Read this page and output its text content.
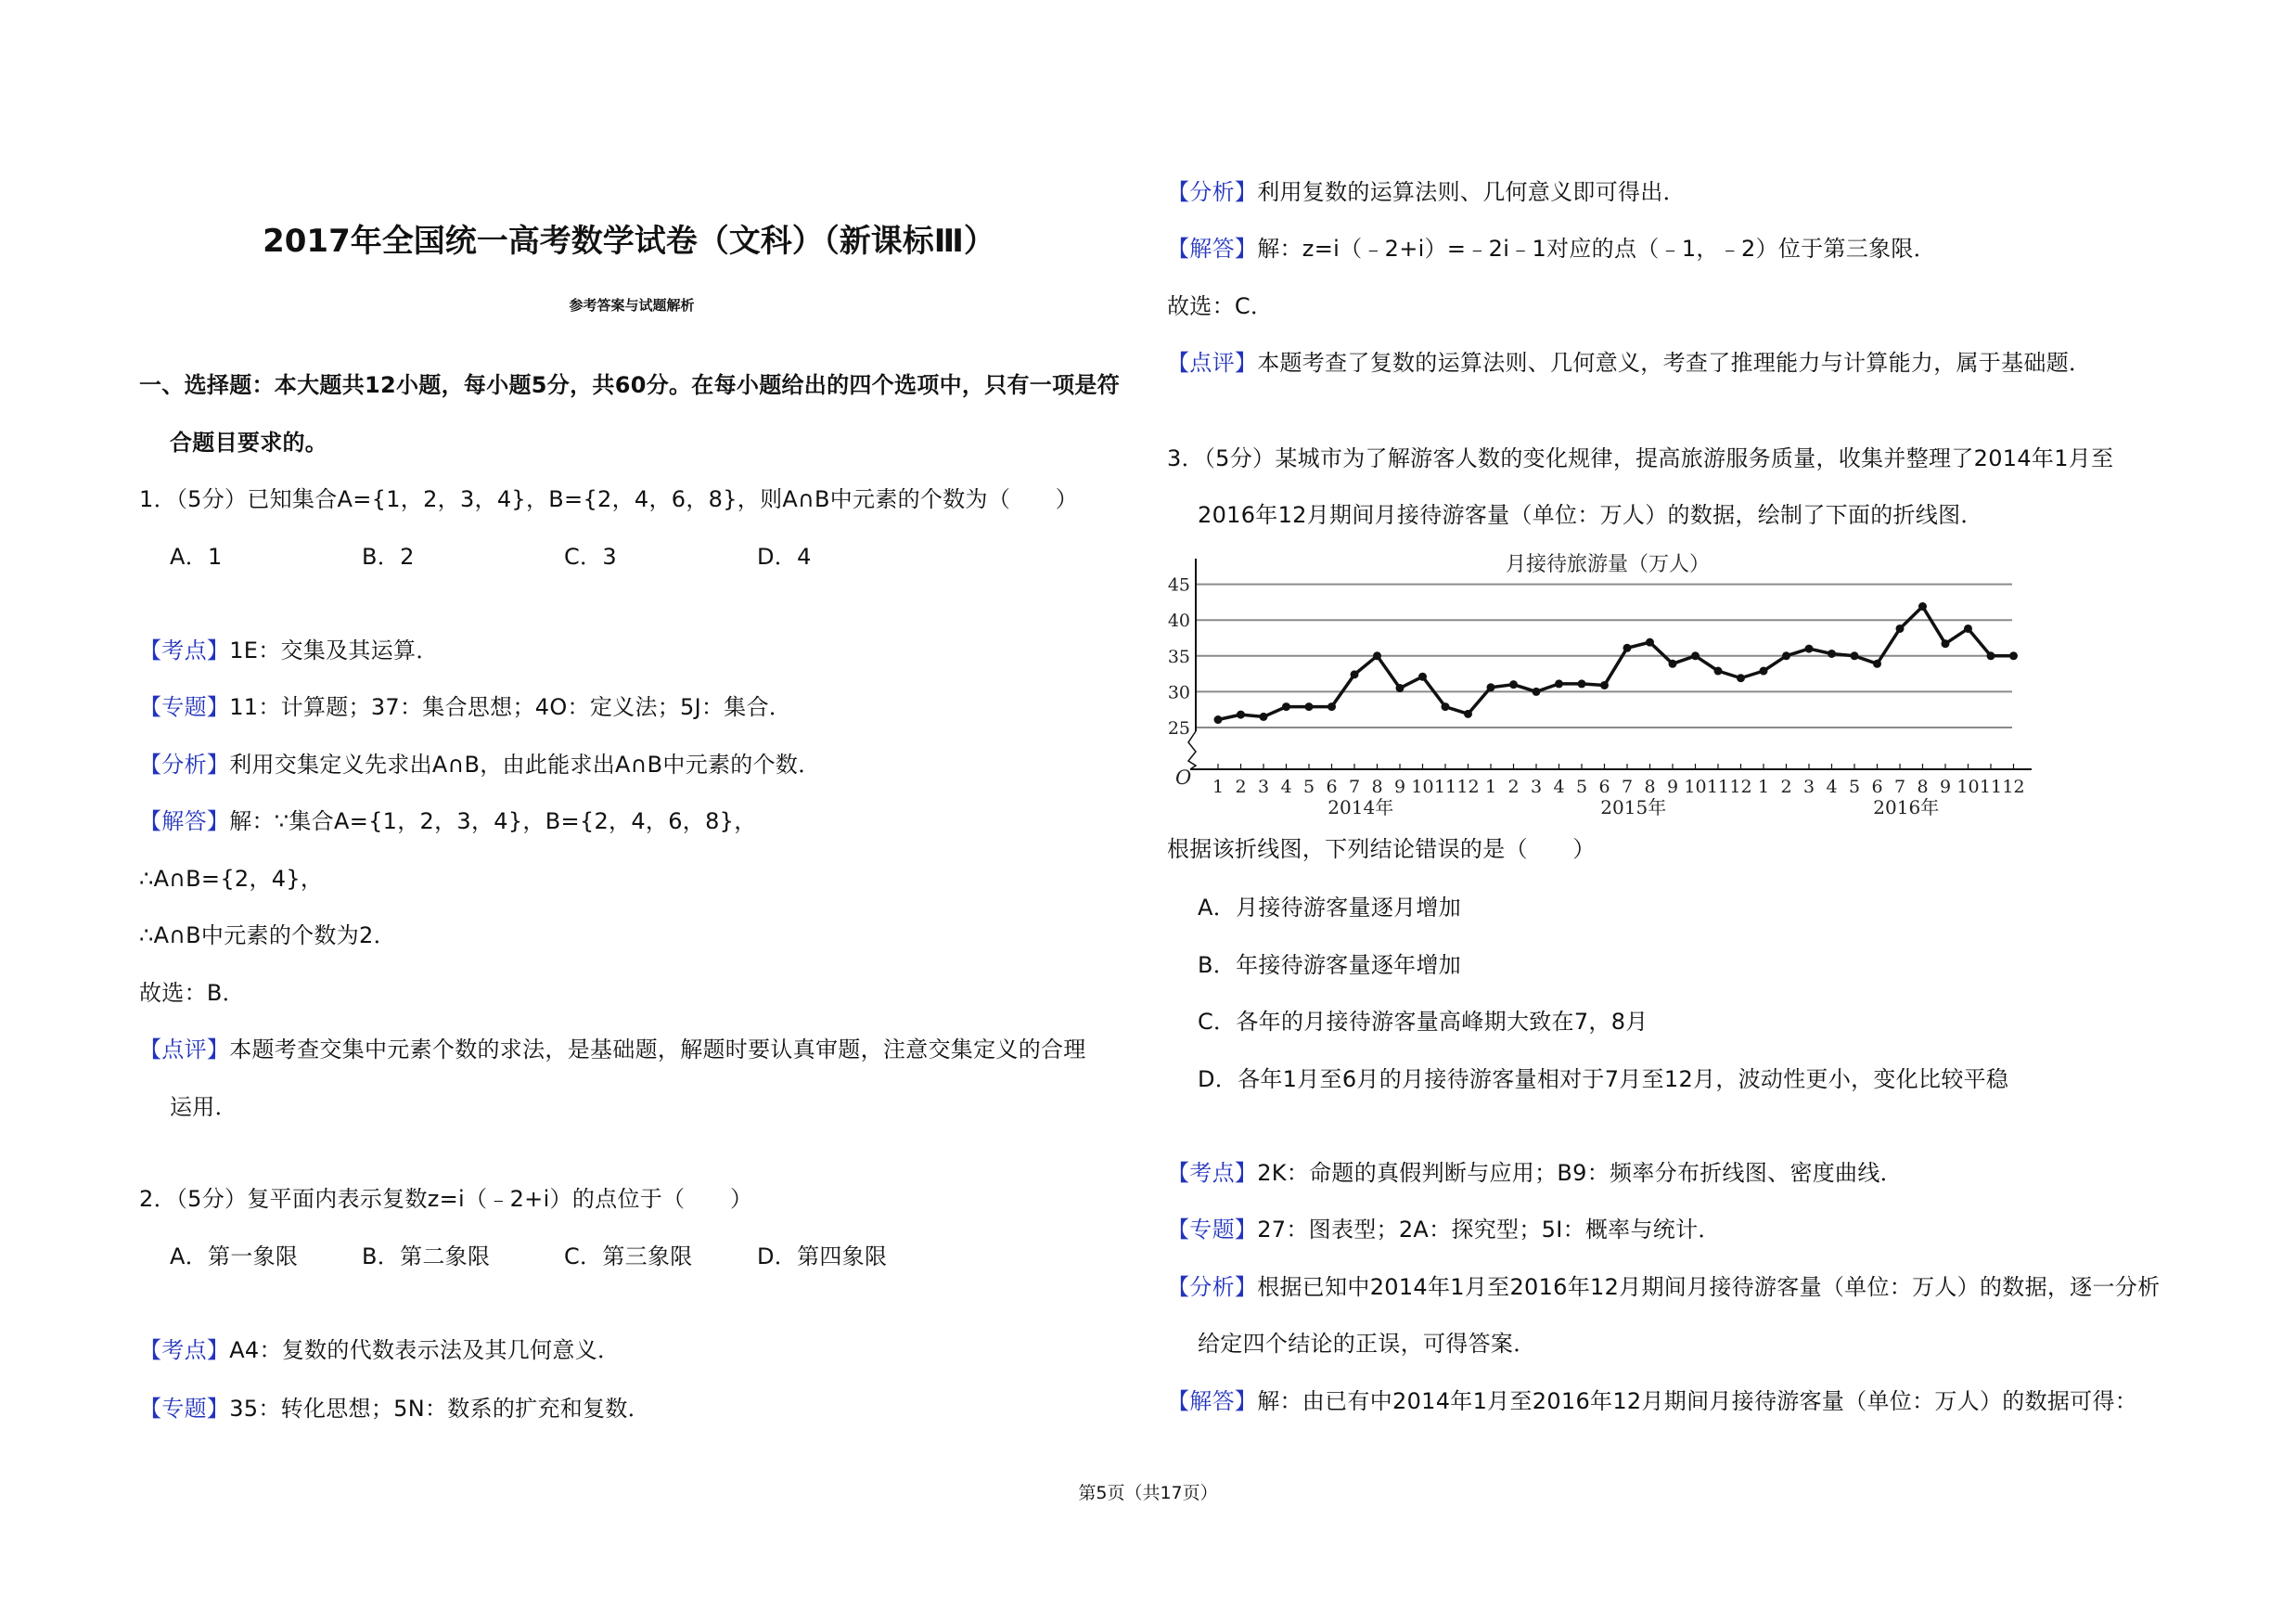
2017年全国统一高考数学试卷（文科）（新课标Ⅲ）
参考答案与试题解析
一、选择题：本大题共12小题，每小题5分，共60分。在每小题给出的四个选项中，只有一项是符
合题目要求的。
1．（5分）已知集合A={1，2，3，4}，B={2，4，6，8}，则A∩B中元素的个数为（　　）
A．1	B．2	C．3	D．4
【考点】1E：交集及其运算．
【专题】11：计算题；37：集合思想；4O：定义法；5J：集合．
【分析】利用交集定义先求出A∩B，由此能求出A∩B中元素的个数．
【解答】解：∵集合A={1，2，3，4}，B={2，4，6，8}，
∴A∩B={2，4}，
∴A∩B中元素的个数为2．
故选：B．
【点评】本题考查交集中元素个数的求法，是基础题，解题时要认真审题，注意交集定义的合理
运用．
2．（5分）复平面内表示复数z=i（﹣2+i）的点位于（　　）
A．第一象限	B．第二象限	C．第三象限	D．第四象限
【考点】A4：复数的代数表示法及其几何意义．
【专题】35：转化思想；5N：数系的扩充和复数．
【分析】利用复数的运算法则、几何意义即可得出．
【解答】解：z=i（﹣2+i）=﹣2i﹣1对应的点（﹣1，﹣2）位于第三象限．
故选：C．
【点评】本题考查了复数的运算法则、几何意义，考查了推理能力与计算能力，属于基础题．
3．（5分）某城市为了解游客人数的变化规律，提高旅游服务质量，收集并整理了2014年1月至
2016年12月期间月接待游客量（单位：万人）的数据，绘制了下面的折线图．
月接待旅游量（万人）
25
30
35
40
45
O 1 2 3 4 5 6 7 8 9 10 11 12 1 2 3 4 5 6 7 8 9 10 11 12 1 2 3 4 5 6 7 8 9 10 11 12
2014年	2015年	2016年
根据该折线图，下列结论错误的是（　　）
A．月接待游客量逐月增加
B．年接待游客量逐年增加
C．各年的月接待游客量高峰期大致在7，8月
D．各年1月至6月的月接待游客量相对于7月至12月，波动性更小，变化比较平稳
【考点】2K：命题的真假判断与应用；B9：频率分布折线图、密度曲线．
【专题】27：图表型；2A：探究型；5I：概率与统计．
【分析】根据已知中2014年1月至2016年12月期间月接待游客量（单位：万人）的数据，逐一分析
给定四个结论的正误，可得答案．
【解答】解：由已有中2014年1月至2016年12月期间月接待游客量（单位：万人）的数据可得：
第5页（共17页）
